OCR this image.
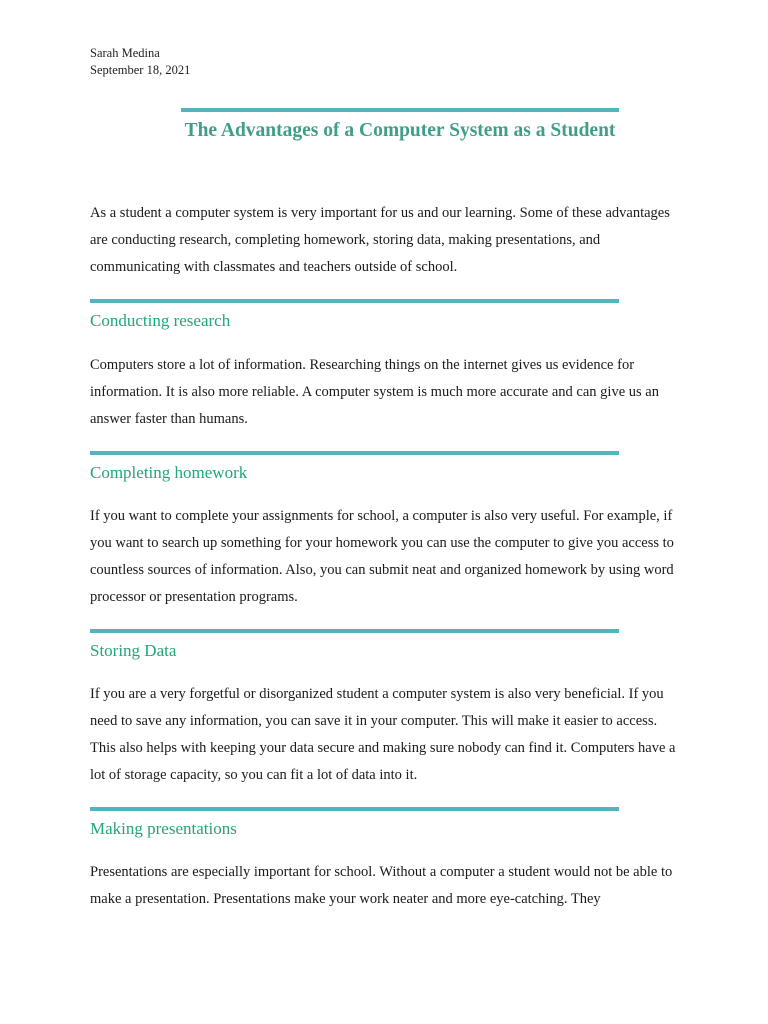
Sarah Medina
September 18, 2021
The Advantages of a Computer System as a Student

As a student a computer system is very important for us and our learning. Some of these advantages are conducting research, completing homework, storing data, making presentations, and communicating with classmates and teachers outside of school.

Conducting research

Computers store a lot of information. Researching things on the internet gives us evidence for information. It is also more reliable. A computer system is much more accurate and can give us an answer faster than humans.

Completing homework

If you want to complete your assignments for school, a computer is also very useful. For example, if you want to search up something for your homework you can use the computer to give you access to countless sources of information. Also, you can submit neat and organized homework by using word processor or presentation programs.

Storing Data

If you are a very forgetful or disorganized student a computer system is also very beneficial. If you need to save any information, you can save it in your computer. This will make it easier to access. This also helps with keeping your data secure and making sure nobody can find it. Computers have a lot of storage capacity, so you can fit a lot of data into it.

Making presentations

Presentations are especially important for school. Without a computer a student would not be able to make a presentation. Presentations make your work neater and more eye-catching. They
